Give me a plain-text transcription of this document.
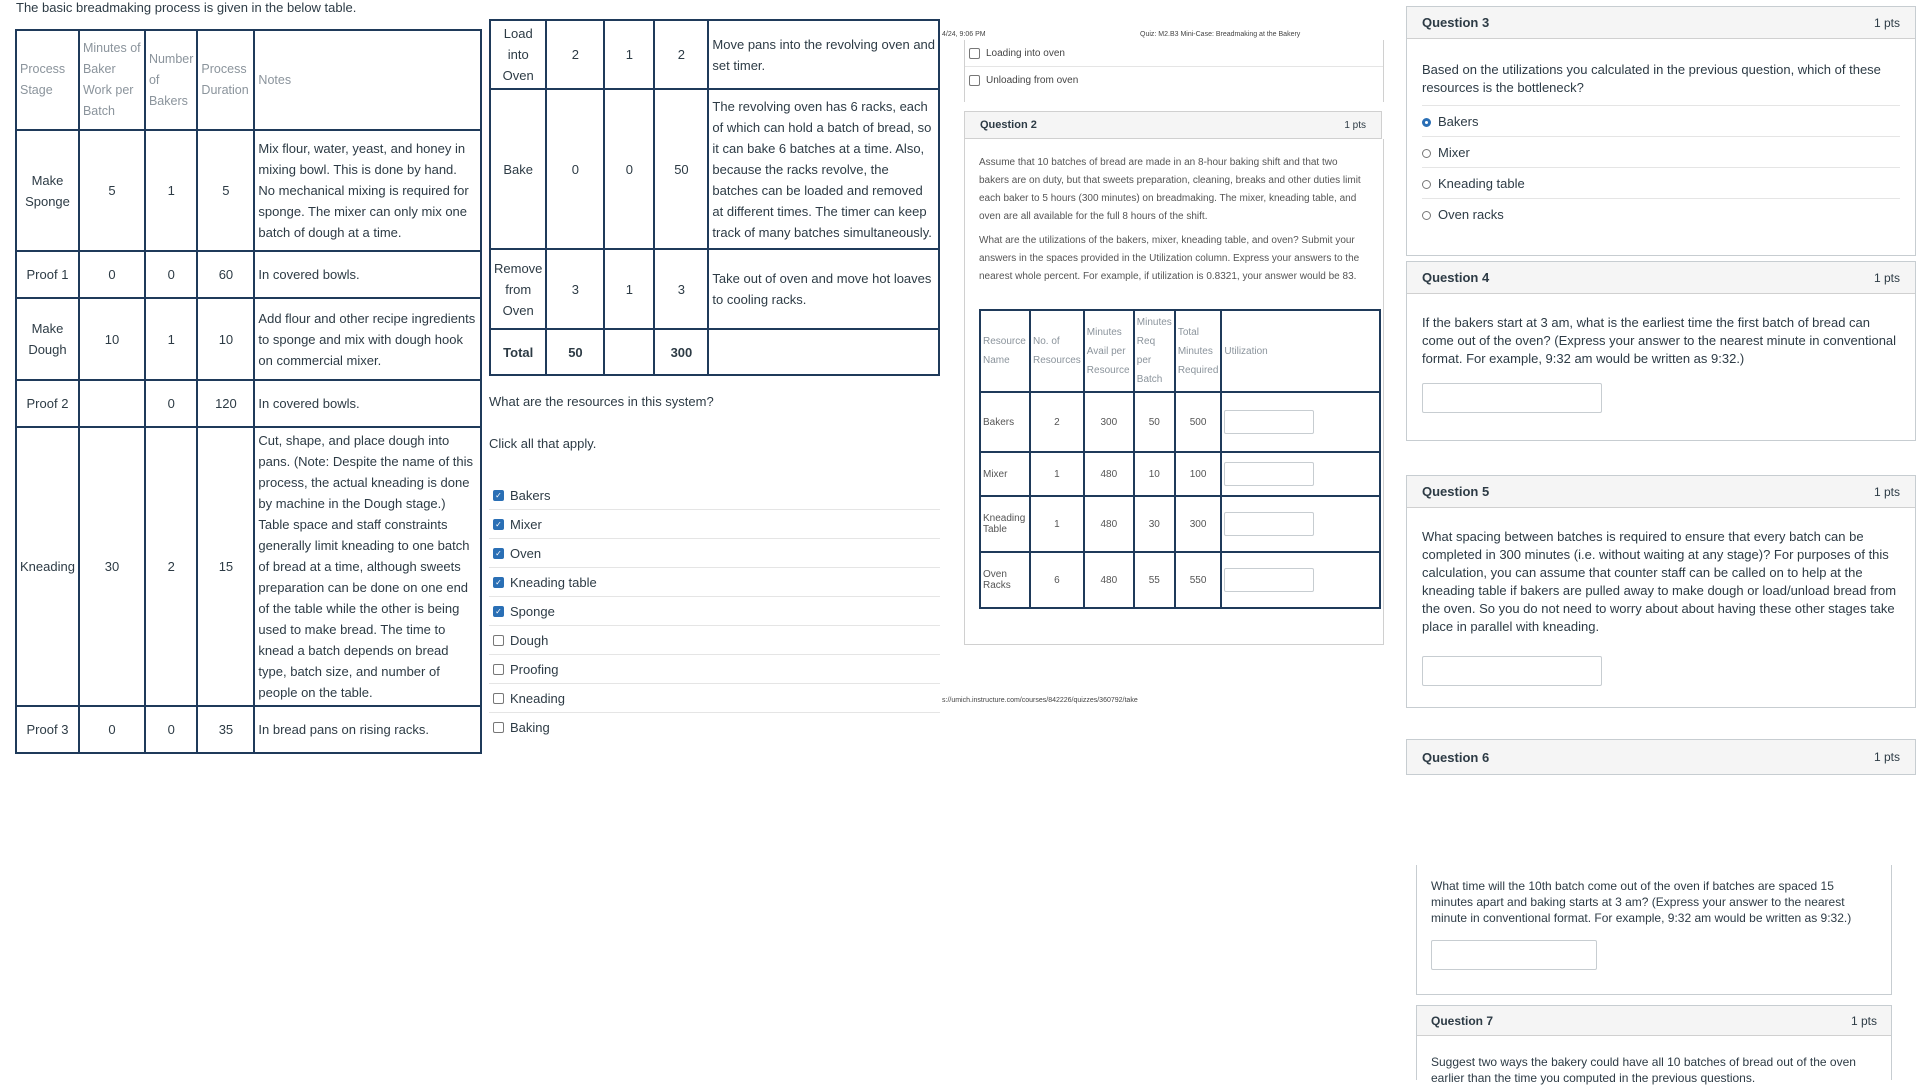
The basic breadmaking process is given in the below table.
Process Stage	Minutes of Baker Work per Batch	Number of Bakers	Process Duration	Notes
Make Sponge	5	1	5	Mix flour, water, yeast, and honey in mixing bowl. This is done by hand. No mechanical mixing is required for sponge. The mixer can only mix one batch of dough at a time.
Proof 1	0	0	60	In covered bowls.
Make Dough	10	1	10	Add flour and other recipe ingredients to sponge and mix with dough hook on commercial mixer.
Proof 2		0	120	In covered bowls.
Kneading	30	2	15	Cut, shape, and place dough into pans. (Note: Despite the name of this process, the actual kneading is done by machine in the Dough stage.) Table space and staff constraints generally limit kneading to one batch of bread at a time, although sweets preparation can be done on one end of the table while the other is being used to make bread. The time to knead a batch depends on bread type, batch size, and number of people on the table.
Proof 3	0	0	35	In bread pans on rising racks.
Load into Oven	2	1	2	Move pans into the revolving oven and set timer.
Bake	0	0	50	The revolving oven has 6 racks, each of which can hold a batch of bread, so it can bake 6 batches at a time. Also, because the racks revolve, the batches can be loaded and removed at different times. The timer can keep track of many batches simultaneously.
Remove from Oven	3	1	3	Take out of oven and move hot loaves to cooling racks.
Total	50		300	
What are the resources in this system?
Click all that apply.
✓ Bakers
✓ Mixer
✓ Oven
✓ Kneading table
✓ Sponge
Dough
Proofing
Kneading
Baking
4/24, 9:06 PM	Quiz: M2.B3 Mini-Case: Breadmaking at the Bakery
s://umich.instructure.com/courses/842226/quizzes/360792/take
Loading into oven
Unloading from oven
Question 2	1 pts
Assume that 10 batches of bread are made in an 8-hour baking shift and that two bakers are on duty, but that sweets preparation, cleaning, breaks and other duties limit each baker to 5 hours (300 minutes) on breadmaking. The mixer, kneading table, and oven are all available for the full 8 hours of the shift.
What are the utilizations of the bakers, mixer, kneading table, and oven? Submit your answers in the spaces provided in the Utilization column. Express your answers to the nearest whole percent. For example, if utilization is 0.8321, your answer would be 83.
Resource Name	No. of Resources	Minutes Avail per Resource	Minutes Req per Batch	Total Minutes Required	Utilization
Bakers	2	300	50	500	

Mixer	1	480	10	100	

Kneading Table	1	480	30	300	

Oven Racks	6	480	55	550	
Question 3	1 pts
Based on the utilizations you calculated in the previous question, which of these resources is the bottleneck?
Bakers
Mixer
Kneading table
Oven racks
Question 4	1 pts
If the bakers start at 3 am, what is the earliest time the first batch of bread can come out of the oven? (Express your answer to the nearest minute in conventional format. For example, 9:32 am would be written as 9:32.)
Question 5	1 pts
What spacing between batches is required to ensure that every batch can be completed in 300 minutes (i.e. without waiting at any stage)? For purposes of this calculation, you can assume that counter staff can be called on to help at the kneading table if bakers are pulled away to make dough or load/unload bread from the oven. So you do not need to worry about about having these other stages take place in parallel with kneading.
Question 6	1 pts
What time will the 10th batch come out of the oven if batches are spaced 15 minutes apart and baking starts at 3 am? (Express your answer to the nearest minute in conventional format. For example, 9:32 am would be written as 9:32.)
Question 7	1 pts
Suggest two ways the bakery could have all 10 batches of bread out of the oven earlier than the time you computed in the previous questions.
